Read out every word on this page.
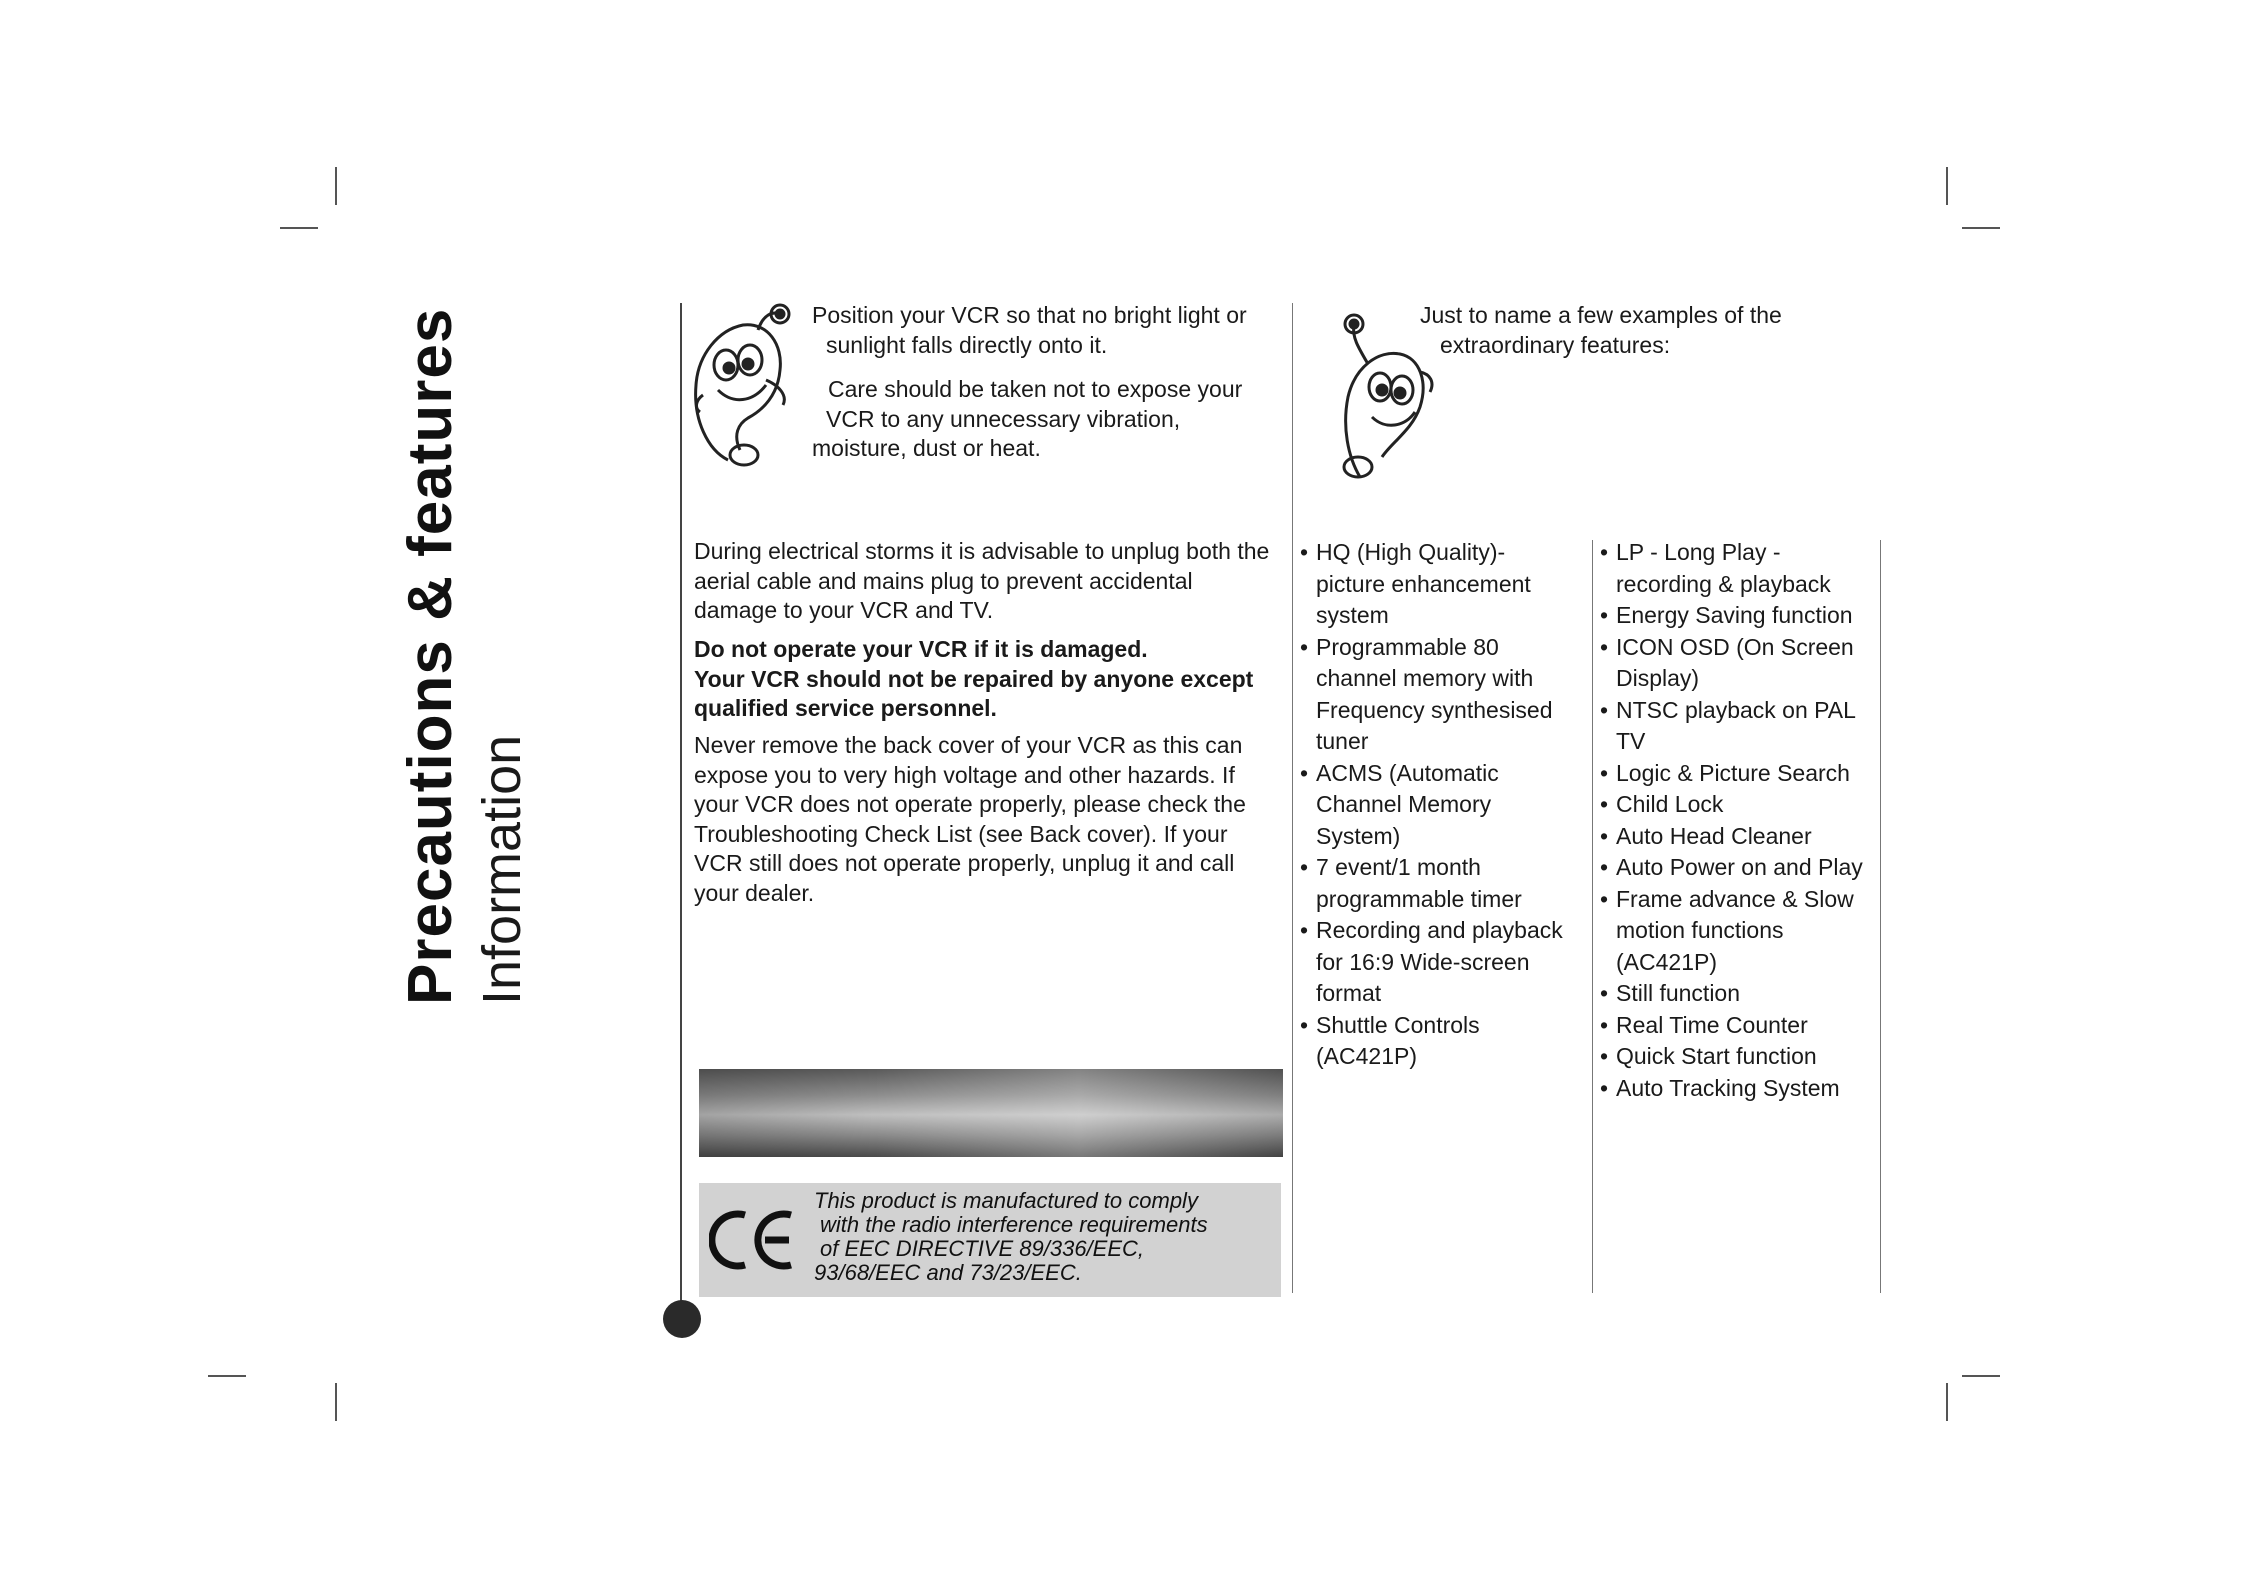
Precautions & features Information
Position your VCR so that no bright light or
sunlight falls directly onto it.
Care should be taken not to expose your
VCR to any unnecessary vibration,
moisture, dust or heat.

During electrical storms it is advisable to unplug both the aerial cable and mains plug to prevent accidental damage to your VCR and TV.

Do not operate your VCR if it is damaged.
Your VCR should not be repaired by anyone except qualified service personnel.

Never remove the back cover of your VCR as this can expose you to very high voltage and other hazards. If your VCR does not operate properly, please check the Troubleshooting Check List (see Back cover). If your VCR still does not operate properly, unplug it and call your dealer.

This product is manufactured to comply
with the radio interference requirements
of EEC DIRECTIVE 89/336/EEC,
93/68/EEC and 73/23/EEC.
Just to name a few examples of the
extraordinary features:
• HQ (High Quality)-
picture enhancement
system
• Programmable 80
channel memory with
Frequency synthesised
tuner
• ACMS (Automatic
Channel Memory
System)
• 7 event/1 month
programmable timer
• Recording and playback
for 16:9 Wide-screen
format
• Shuttle Controls
(AC421P)
• LP - Long Play -
recording & playback
• Energy Saving function
• ICON OSD (On Screen
Display)
• NTSC playback on PAL
TV
• Logic & Picture Search
• Child Lock
• Auto Head Cleaner
• Auto Power on and Play
• Frame advance & Slow
motion functions
(AC421P)
• Still function
• Real Time Counter
• Quick Start function
• Auto Tracking System
